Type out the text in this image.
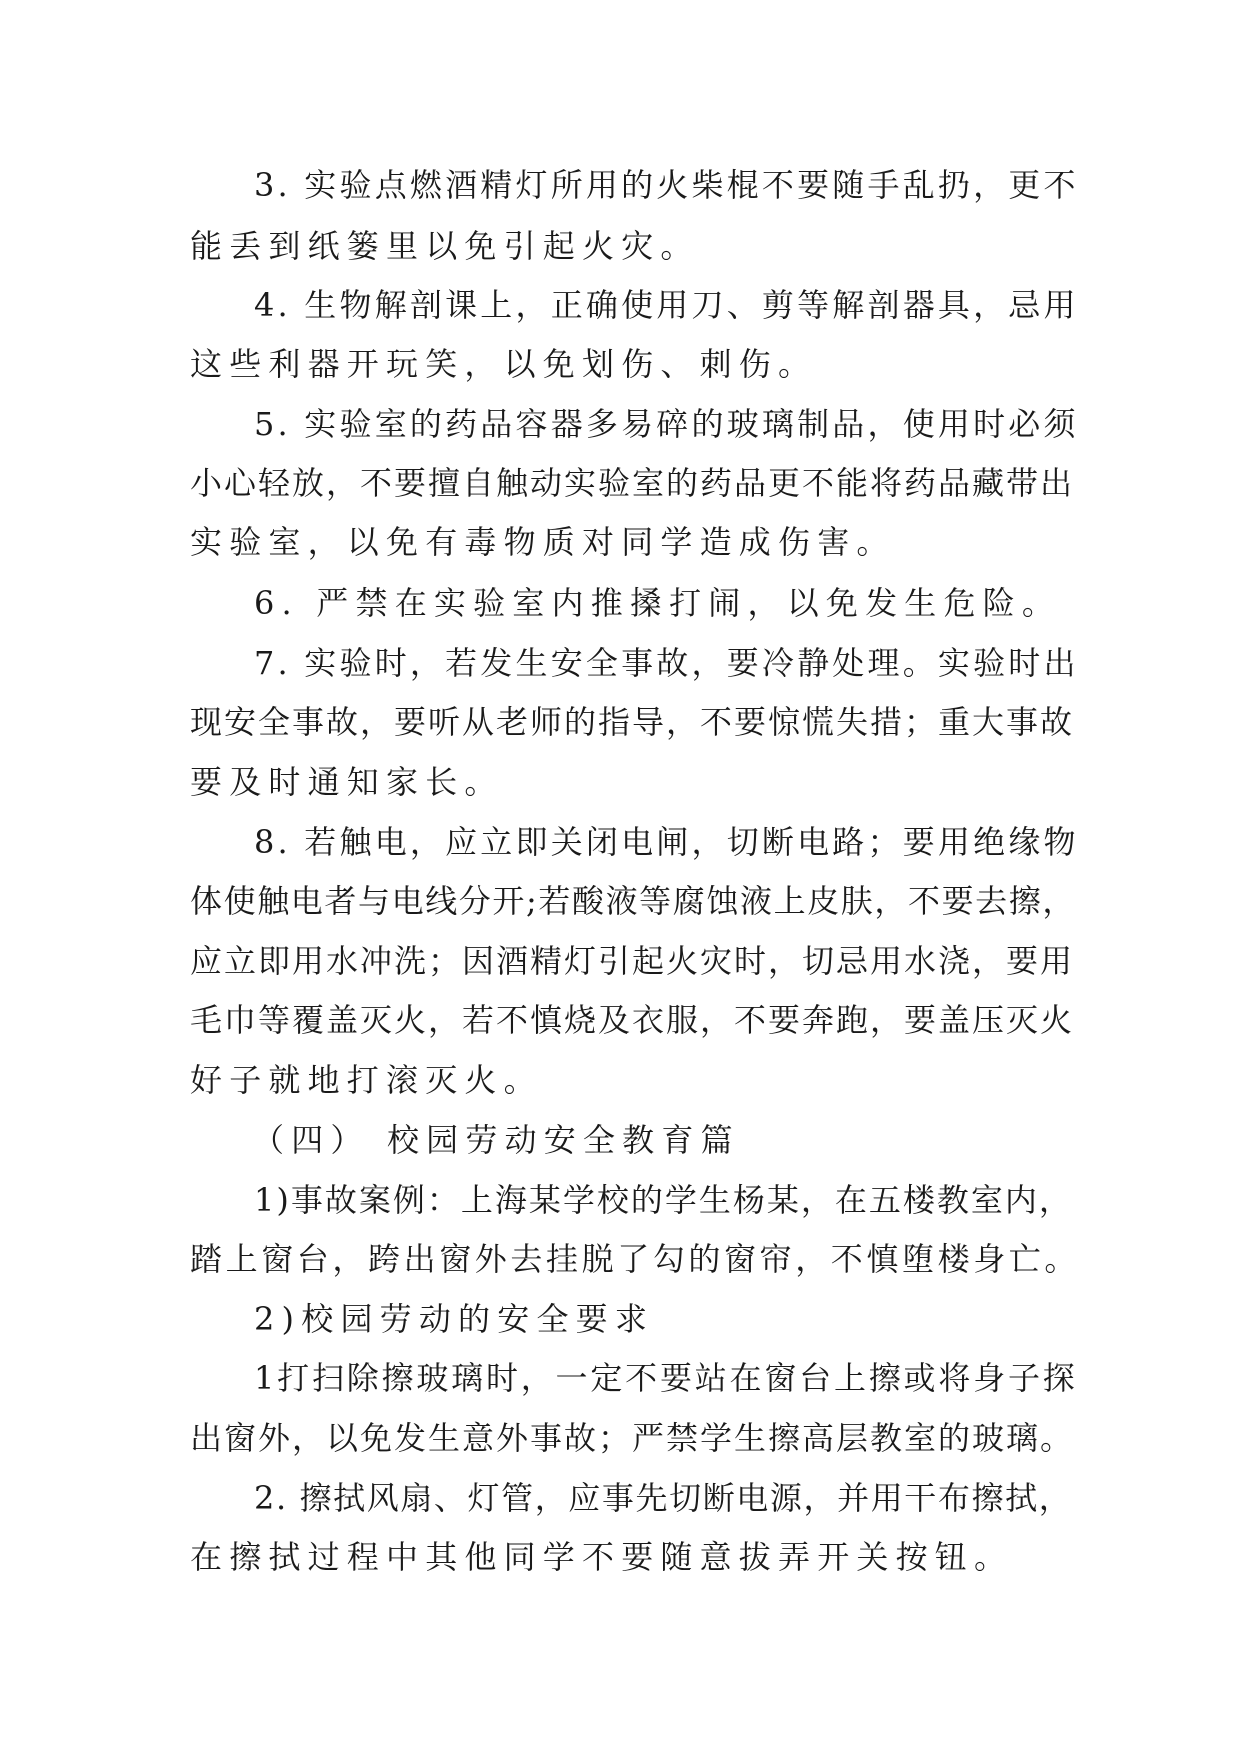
3. 实验点燃酒精灯所用的火柴棍不要随手乱扔，更不

能丢到纸篓里以免引起火灾。

4. 生物解剖课上，正确使用刀、剪等解剖器具，忌用

这些利器开玩笑，以免划伤、刺伤。

5. 实验室的药品容器多易碎的玻璃制品，使用时必须

小心轻放，不要擅自触动实验室的药品更不能将药品藏带出

实验室，以免有毒物质对同学造成伤害。

6. 严禁在实验室内推搡打闹，以免发生危险。

7. 实验时，若发生安全事故，要冷静处理。实验时出

现安全事故，要听从老师的指导，不要惊慌失措；重大事故

要及时通知家长。

8. 若触电，应立即关闭电闸，切断电路；要用绝缘物

体使触电者与电线分开;若酸液等腐蚀液上皮肤，不要去擦，

应立即用水冲洗；因酒精灯引起火灾时，切忌用水浇，要用

毛巾等覆盖灭火，若不慎烧及衣服，不要奔跑，要盖压灭火

好子就地打滚灭火。

（四） 校园劳动安全教育篇

1)事故案例：上海某学校的学生杨某，在五楼教室内，

踏上窗台，跨出窗外去挂脱了勾的窗帘，不慎堕楼身亡。

2)校园劳动的安全要求

1打扫除擦玻璃时，一定不要站在窗台上擦或将身子探

出窗外，以免发生意外事故；严禁学生擦高层教室的玻璃。

2. 擦拭风扇、灯管，应事先切断电源，并用干布擦拭，

在擦拭过程中其他同学不要随意拔弄开关按钮。
